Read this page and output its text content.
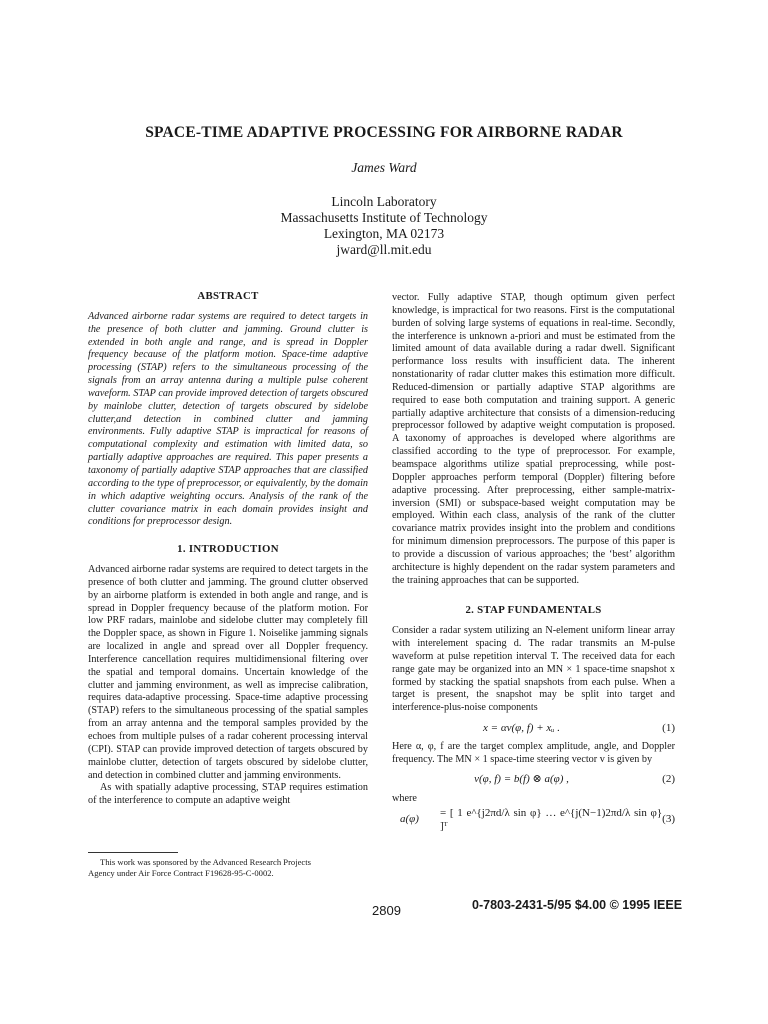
SPACE-TIME ADAPTIVE PROCESSING FOR AIRBORNE RADAR
James Ward
Lincoln Laboratory
Massachusetts Institute of Technology
Lexington, MA 02173
jward@ll.mit.edu
ABSTRACT

Advanced airborne radar systems are required to detect targets in the presence of both clutter and jamming. Ground clutter is extended in both angle and range, and is spread in Doppler frequency because of the platform motion. Space-time adaptive processing (STAP) refers to the simultaneous processing of the signals from an array antenna during a multiple pulse coherent waveform. STAP can provide improved detection of targets obscured by mainlobe clutter, detection of targets obscured by sidelobe clutter,and detection in combined clutter and jamming environments. Fully adaptive STAP is impractical for reasons of computational complexity and estimation with limited data, so partially adaptive approaches are required. This paper presents a taxonomy of partially adaptive STAP approaches that are classified according to the type of preprocessor, or equivalently, by the domain in which adaptive weighting occurs. Analysis of the rank of the clutter covariance matrix in each domain provides insight and conditions for preprocessor design.

1. INTRODUCTION

Advanced airborne radar systems are required to detect targets in the presence of both clutter and jamming. The ground clutter observed by an airborne platform is extended in both angle and range, and is spread in Doppler frequency because of the platform motion. For low PRF radars, mainlobe and sidelobe clutter may completely fill the Doppler space, as shown in Figure 1. Noiselike jamming signals are localized in angle and spread over all Doppler frequency. Interference cancellation requires multidimensional filtering over the spatial and temporal domains. Uncertain knowledge of the clutter and jamming environment, as well as imprecise calibration, requires data-adaptive processing. Space-time adaptive processing (STAP) refers to the simultaneous processing of the spatial samples from an array antenna and the temporal samples provided by the echoes from multiple pulses of a radar coherent processing interval (CPI). STAP can provide improved detection of targets obscured by mainlobe clutter, detection of targets obscured by sidelobe clutter, and detection in combined clutter and jamming environments.

As with spatially adaptive processing, STAP requires estimation of the interference to compute an adaptive weight

vector. Fully adaptive STAP, though optimum given perfect knowledge, is impractical for two reasons. First is the computational burden of solving large systems of equations in real-time. Secondly, the interference is unknown a-priori and must be estimated from the limited amount of data available during a radar dwell. Significant performance loss results with insufficient data. The inherent nonstationarity of radar clutter makes this estimation more difficult. Reduced-dimension or partially adaptive STAP algorithms are required to ease both computation and training support. A generic partially adaptive architecture that consists of a dimension-reducing preprocessor followed by adaptive weight computation is proposed. A taxonomy of approaches is developed where algorithms are classified according to the type of preprocessor. For example, beamspace algorithms utilize spatial preprocessing, while post-Doppler approaches perform temporal (Doppler) filtering before adaptive processing. After preprocessing, either sample-matrix-inversion (SMI) or subspace-based weight computation may be employed. Within each class, analysis of the rank of the clutter covariance matrix provides insight into the problem and conditions for minimum dimension preprocessors. The purpose of this paper is to provide a discussion of various approaches; the ‘best’ algorithm architecture is highly dependent on the radar system parameters and the training approaches that can be supported.

2. STAP FUNDAMENTALS

Consider a radar system utilizing an N-element uniform linear array with interelement spacing d. The radar transmits an M-pulse waveform at pulse repetition interval T. The received data for each range gate may be organized into an MN × 1 space-time snapshot x formed by stacking the spatial snapshots from each pulse. When a target is present, the snapshot may be split into target and interference-plus-noise components

x = αv(φ, f) + xᵤ .	(1)

Here α, φ, f are the target complex amplitude, angle, and Doppler frequency. The MN × 1 space-time steering vector v is given by

v(φ, f) = b(f) ⊗ a(φ) ,	(2)

where

a(φ)
= [ 1 e^{j2πd/λ sin φ} … e^{j(N−1)2πd/λ sin φ} ]ᵀ
(3)
This work was sponsored by the Advanced Research Projects
Agency under Air Force Contract F19628-95-C-0002.
2809	0-7803-2431-5/95 $4.00 © 1995 IEEE
